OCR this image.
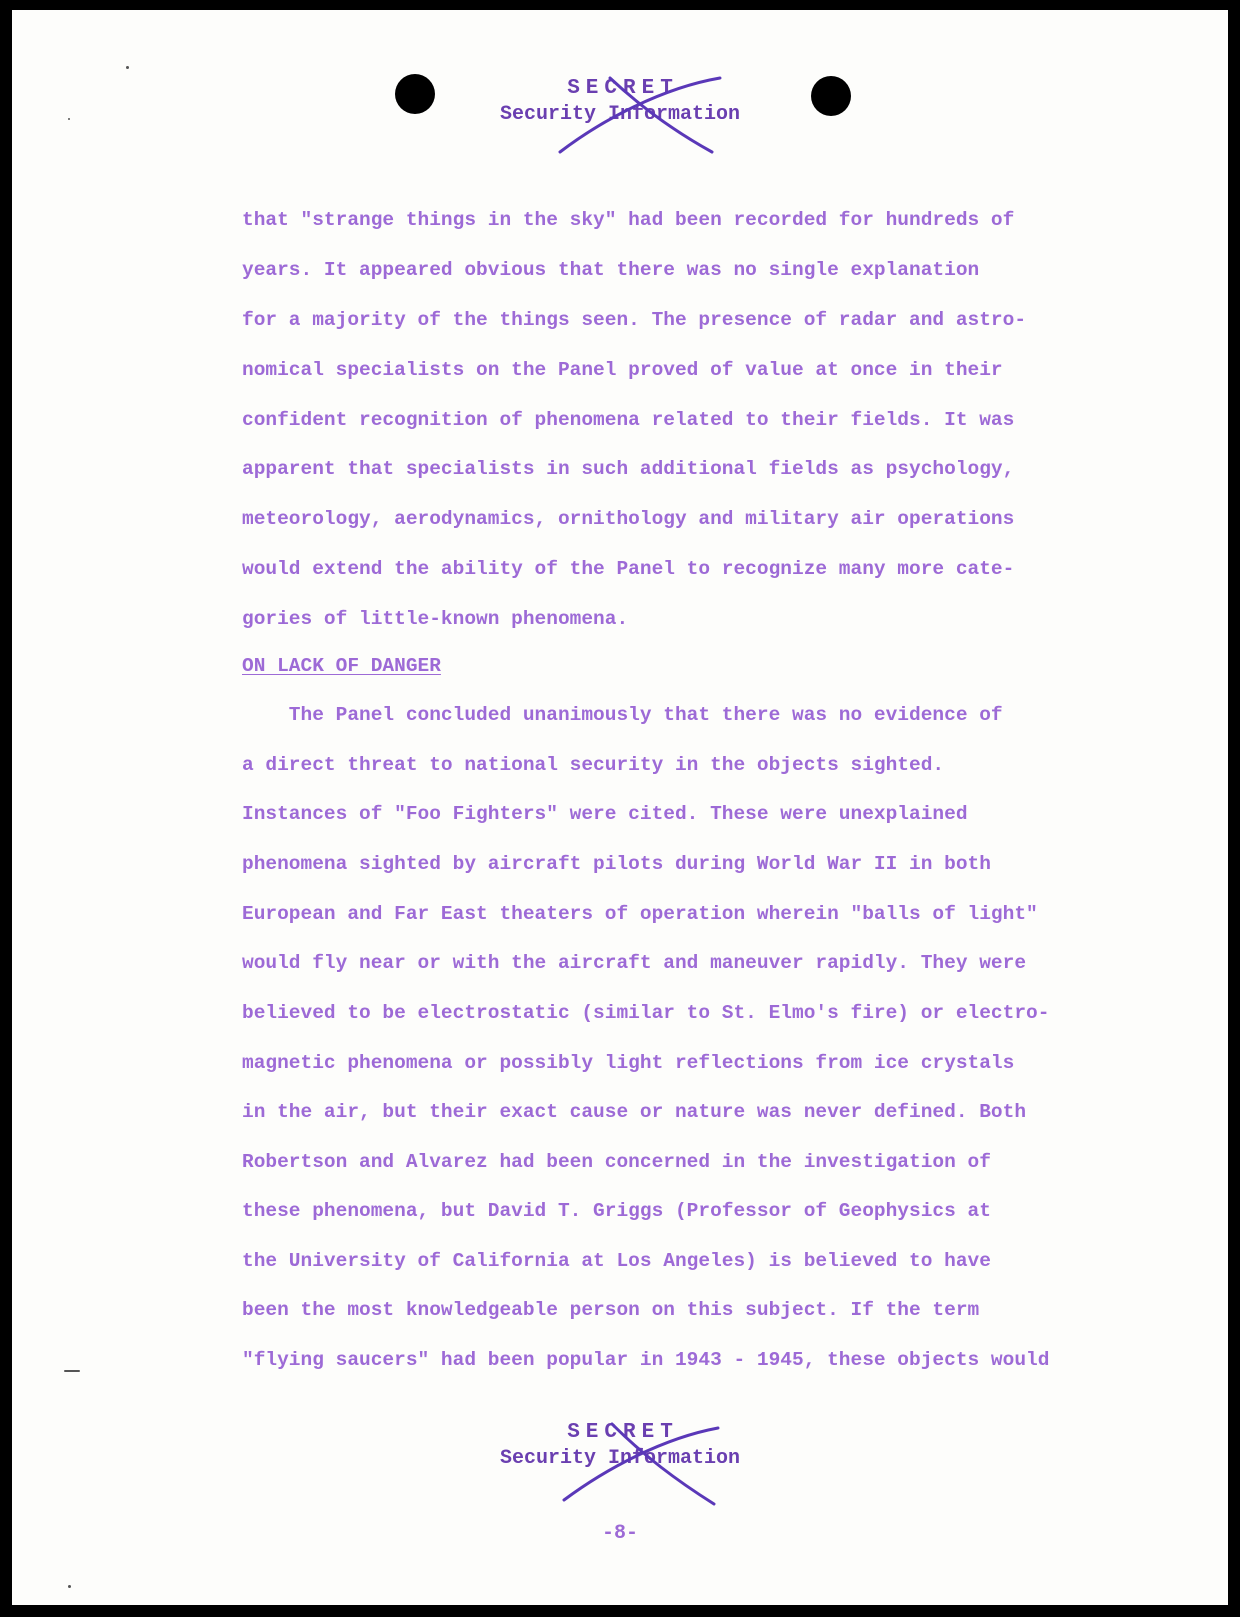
SECRET
Security Information
that "strange things in the sky" had been recorded for hundreds of
years. It appeared obvious that there was no single explanation
for a majority of the things seen. The presence of radar and astro-
nomical specialists on the Panel proved of value at once in their
confident recognition of phenomena related to their fields. It was
apparent that specialists in such additional fields as psychology,
meteorology, aerodynamics, ornithology and military air operations
would extend the ability of the Panel to recognize many more cate-
gories of little-known phenomena.
ON LACK OF DANGER
The Panel concluded unanimously that there was no evidence of
a direct threat to national security in the objects sighted.
Instances of "Foo Fighters" were cited. These were unexplained
phenomena sighted by aircraft pilots during World War II in both
European and Far East theaters of operation wherein "balls of light"
would fly near or with the aircraft and maneuver rapidly. They were
believed to be electrostatic (similar to St. Elmo's fire) or electro-
magnetic phenomena or possibly light reflections from ice crystals
in the air, but their exact cause or nature was never defined. Both
Robertson and Alvarez had been concerned in the investigation of
these phenomena, but David T. Griggs (Professor of Geophysics at
the University of California at Los Angeles) is believed to have
been the most knowledgeable person on this subject. If the term
"flying saucers" had been popular in 1943 - 1945, these objects would
SECRET
Security Information
-8-
